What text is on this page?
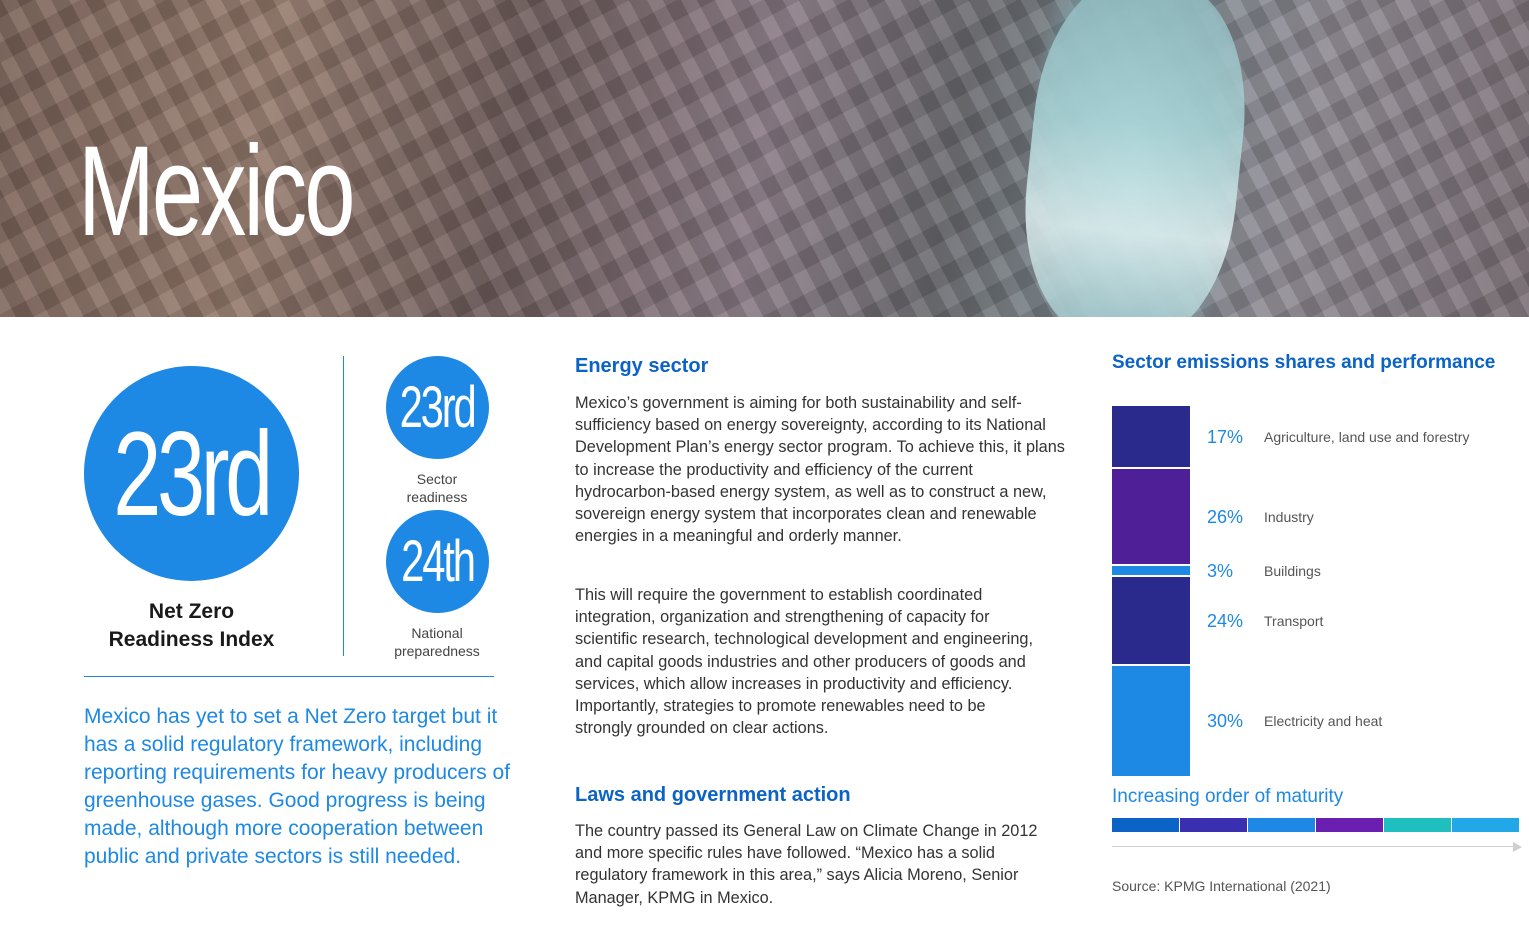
Mexico
23rd
Net Zero
Readiness Index
23rd
Sector
readiness
24th
National
preparedness

Mexico has yet to set a Net Zero target but it has a solid regulatory framework, including reporting requirements for heavy producers of greenhouse gases. Good progress is being made, although more cooperation between public and private sectors is still needed.

Energy sector

Mexico’s government is aiming for both sustainability and self-sufficiency based on energy sovereignty, according to its National Development Plan’s energy sector program. To achieve this, it plans to increase the productivity and efficiency of the current hydrocarbon-based energy system, as well as to construct a new, sovereign energy system that incorporates clean and renewable energies in a meaningful and orderly manner.

This will require the government to establish coordinated integration, organization and strengthening of capacity for scientific research, technological development and engineering, and capital goods industries and other producers of goods and services, which allow increases in productivity and efficiency. Importantly, strategies to promote renewables need to be strongly grounded on clear actions.

Laws and government action

The country passed its General Law on Climate Change in 2012 and more specific rules have followed. “Mexico has a solid regulatory framework in this area,” says Alicia Moreno, Senior Manager, KPMG in Mexico.

Sector emissions shares and performance
17% Agriculture, land use and forestry
26% Industry
3% Buildings
24% Transport
30% Electricity and heat

Increasing order of maturity

Source: KPMG International (2021)
